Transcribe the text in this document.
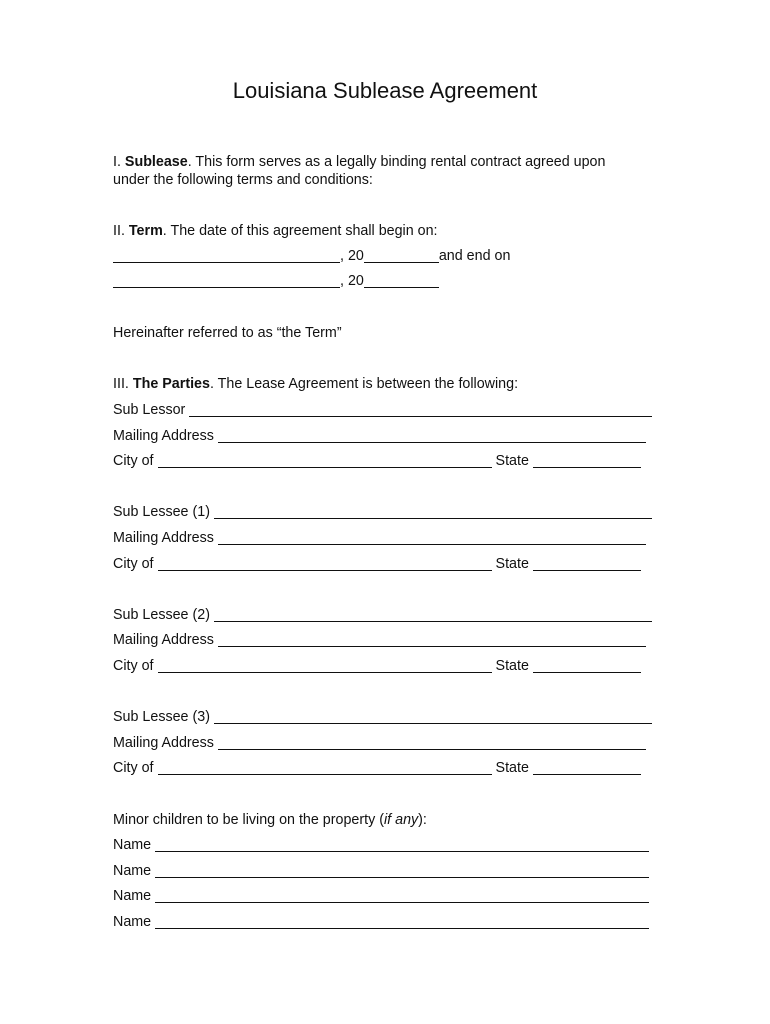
Louisiana Sublease Agreement
I. Sublease. This form serves as a legally binding rental contract agreed upon
under the following terms and conditions:
II. Term. The date of this agreement shall begin on:
, 20	and end on
, 20
Hereinafter referred to as “the Term”
III. The Parties. The Lease Agreement is between the following:
Sub Lessor
Mailing Address
City of	State
Sub Lessee (1)
Mailing Address
City of	State
Sub Lessee (2)
Mailing Address
City of	State
Sub Lessee (3)
Mailing Address
City of	State
Minor children to be living on the property (if any):
Name
Name
Name
Name
